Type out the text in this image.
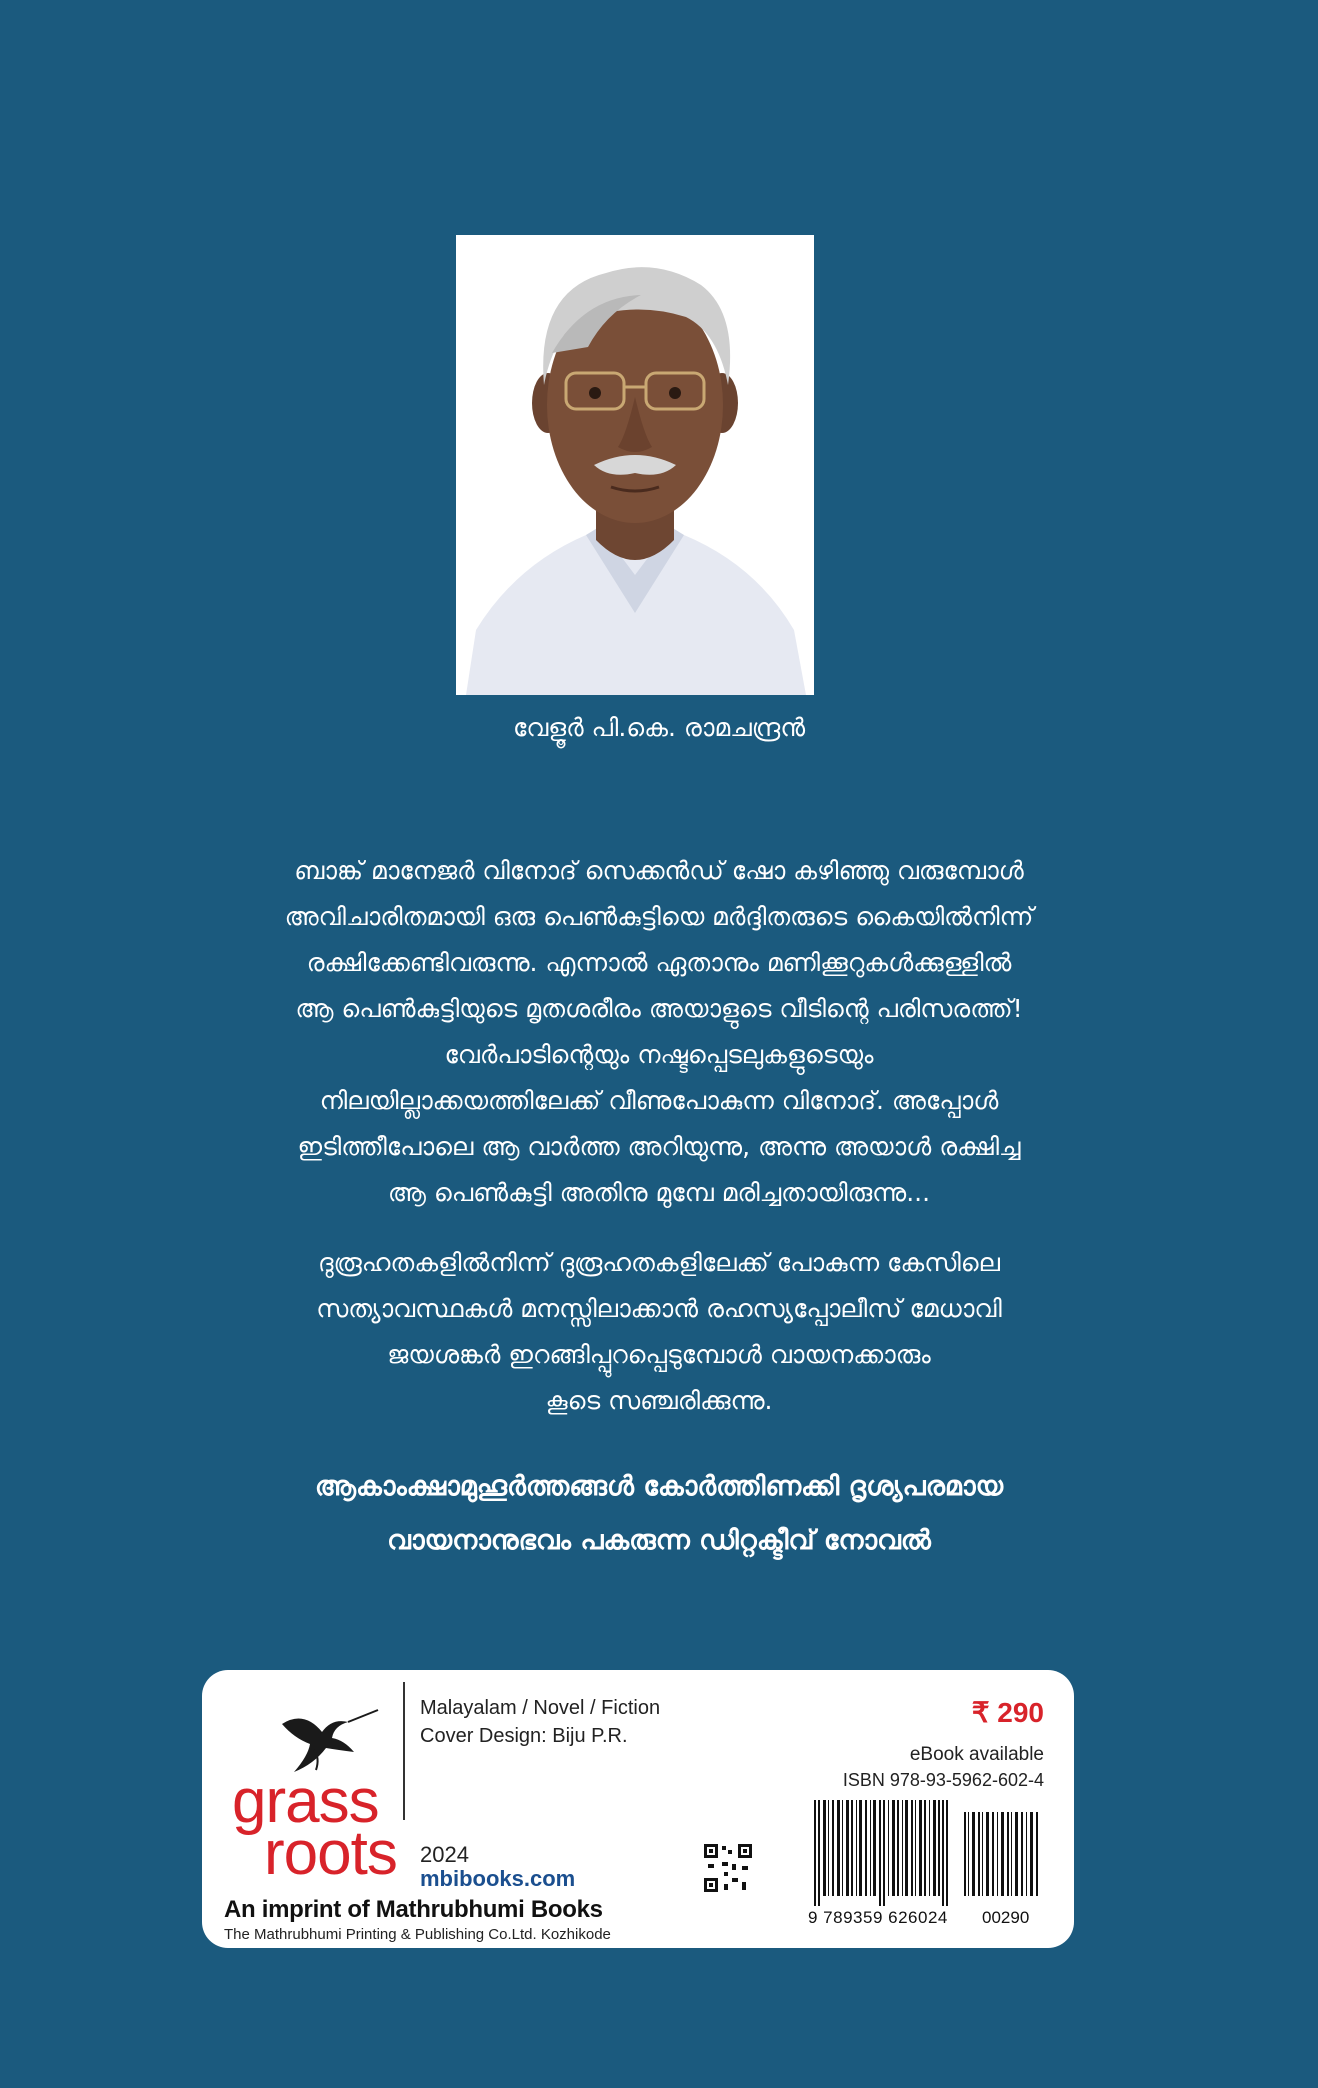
വേളൂർ പി.കെ. രാമചന്ദ്രൻ

ബാങ്ക് മാനേജർ വിനോദ് സെക്കൻഡ് ഷോ കഴിഞ്ഞു വരുമ്പോൾ

അവിചാരിതമായി ഒരു പെൺകുട്ടിയെ മർദ്ദിതരുടെ കൈയിൽനിന്ന്

രക്ഷിക്കേണ്ടിവരുന്നു. എന്നാൽ ഏതാനും മണിക്കൂറുകൾക്കുള്ളിൽ

ആ പെൺകുട്ടിയുടെ മൃതശരീരം അയാളുടെ വീടിന്റെ പരിസരത്ത്!

വേർപാടിന്റെയും നഷ്ടപ്പെടലുകളുടെയും

നിലയില്ലാക്കയത്തിലേക്ക് വീണുപോകുന്ന വിനോദ്. അപ്പോൾ

ഇടിത്തീപോലെ ആ വാർത്ത അറിയുന്നു, അന്നു അയാൾ രക്ഷിച്ച

ആ പെൺകുട്ടി അതിനു മുമ്പേ മരിച്ചതായിരുന്നു...

ദുരൂഹതകളിൽനിന്ന് ദുരൂഹതകളിലേക്ക് പോകുന്ന കേസിലെ

സത്യാവസ്ഥകൾ മനസ്സിലാക്കാൻ രഹസ്യപ്പോലീസ് മേധാവി

ജയശങ്കർ ഇറങ്ങിപ്പുറപ്പെടുമ്പോൾ വായനക്കാരും

കൂടെ സഞ്ചരിക്കുന്നു.

ആകാംക്ഷാമുഹൂർത്തങ്ങൾ കോർത്തിണക്കി ദൃശ്യപരമായ

വായനാനുഭവം പകരുന്ന ഡിറ്റക്ടീവ് നോവൽ

grass
roots
Malayalam / Novel / Fiction
Cover Design: Biju P.R.
2024
mbibooks.com
An imprint of Mathrubhumi Books
The Mathrubhumi Printing & Publishing Co.Ltd. Kozhikode
₹ 290
eBook available
ISBN 978-93-5962-602-4
9 789359 626024 00290
